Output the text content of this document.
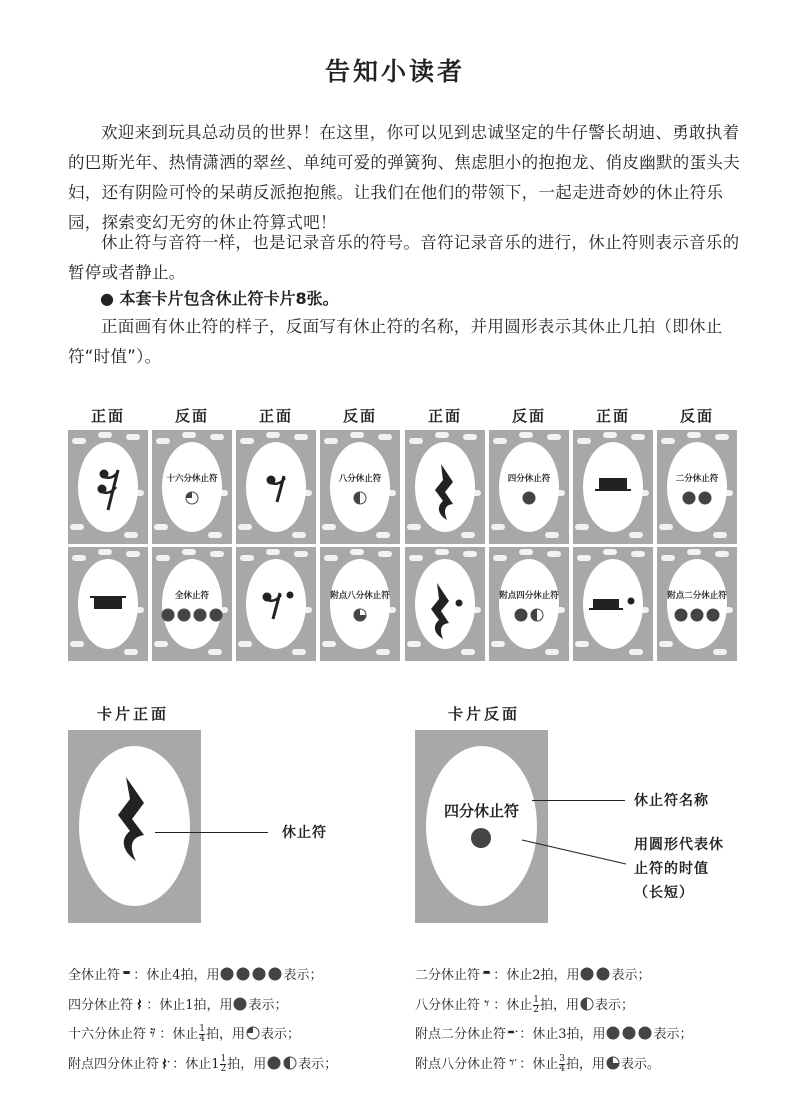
告知小读者
欢迎来到玩具总动员的世界！在这里，你可以见到忠诚坚定的牛仔警长胡迪、勇敢执着的巴斯光年、热情潇洒的翠丝、单纯可爱的弹簧狗、焦虑胆小的抱抱龙、俏皮幽默的蛋头夫妇，还有阴险可怜的呆萌反派抱抱熊。让我们在他们的带领下，一起走进奇妙的休止符乐园，探索变幻无穷的休止符算式吧！
休止符与音符一样，也是记录音乐的符号。音符记录音乐的进行，休止符则表示音乐的暂停或者静止。
● 本套卡片包含休止符卡片8张。
正面画有休止符的样子，反面写有休止符的名称，并用圆形表示其休止几拍（即休止符“时值”）。
正面	反面	正面	反面	正面	反面	正面	反面
十六分休止符	八分休止符	四分休止符	二分休止符
全休止符	附点八分休止符	附点四分休止符	附点二分休止符
卡片正面
休止符
卡片反面
四分休止符
休止符名称
用圆形代表休止符的时值（长短）
全休止符 ：休止4拍，用	表示；
四分休止符 ：休止1拍，用 表示；
十六分休止符 ：休止 $\frac{1}{4}$ 拍，用 表示；
附点四分休止符 ：休止$1 \frac{1}{2}$ 拍，用 表示；
二分休止符 ：休止2拍，用 表示；
八分休止符 ：休止 $\frac{1}{2}$ 拍，用 表示；
附点二分休止符 ：休止3拍，用	表示；
附点八分休止符 ：休止 $\frac{3}{4}$ 拍，用 表示。
